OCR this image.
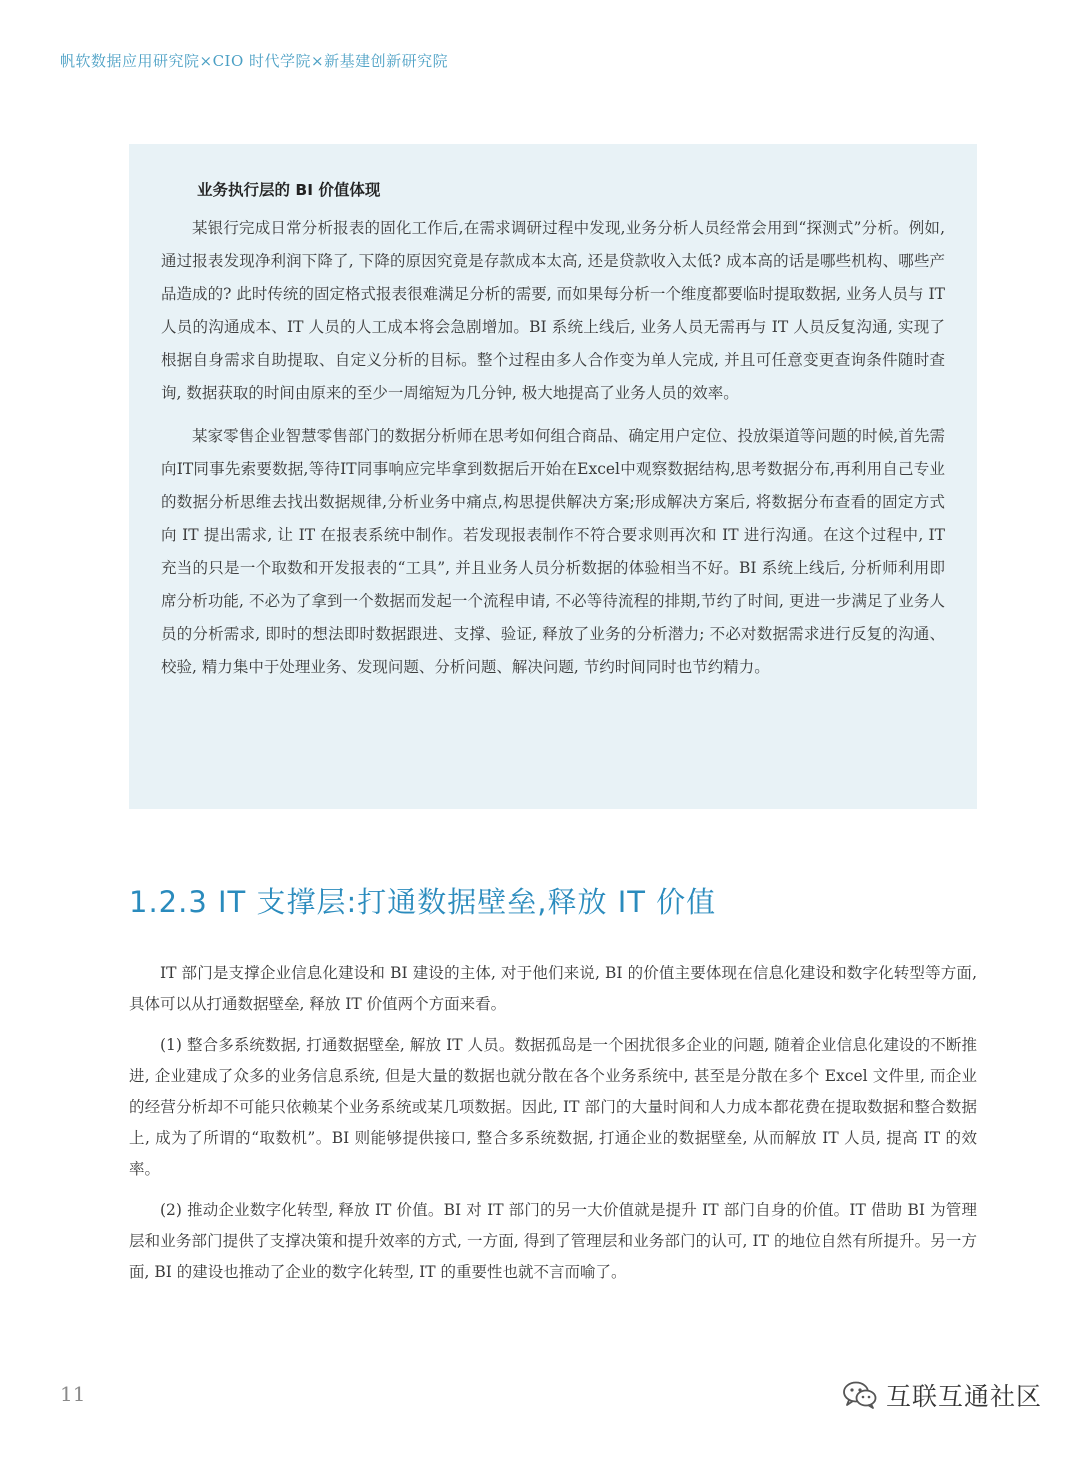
帆软数据应用研究院×CIO 时代学院×新基建创新研究院
业务执行层的 BI 价值体现

某银行完成日常分析报表的固化工作后,在需求调研过程中发现,业务分析人员经常会用到“探测式”分析。例如, 通过报表发现净利润下降了, 下降的原因究竟是存款成本太高, 还是贷款收入太低? 成本高的话是哪些机构、哪些产品造成的? 此时传统的固定格式报表很难满足分析的需要, 而如果每分析一个维度都要临时提取数据, 业务人员与 IT 人员的沟通成本、IT 人员的人工成本将会急剧增加。BI 系统上线后, 业务人员无需再与 IT 人员反复沟通, 实现了根据自身需求自助提取、自定义分析的目标。整个过程由多人合作变为单人完成, 并且可任意变更查询条件随时查询, 数据获取的时间由原来的至少一周缩短为几分钟, 极大地提高了业务人员的效率。

某家零售企业智慧零售部门的数据分析师在思考如何组合商品、确定用户定位、投放渠道等问题的时候,首先需向IT同事先索要数据,等待IT同事响应完毕拿到数据后开始在Excel中观察数据结构,思考数据分布,再利用自己专业的数据分析思维去找出数据规律,分析业务中痛点,构思提供解决方案;形成解决方案后, 将数据分布查看的固定方式向 IT 提出需求, 让 IT 在报表系统中制作。若发现报表制作不符合要求则再次和 IT 进行沟通。在这个过程中, IT 充当的只是一个取数和开发报表的“工具”, 并且业务人员分析数据的体验相当不好。BI 系统上线后, 分析师利用即席分析功能, 不必为了拿到一个数据而发起一个流程申请, 不必等待流程的排期,节约了时间, 更进一步满足了业务人员的分析需求, 即时的想法即时数据跟进、支撑、验证, 释放了业务的分析潜力; 不必对数据需求进行反复的沟通、校验, 精力集中于处理业务、发现问题、分析问题、解决问题, 节约时间同时也节约精力。

1.2.3 IT 支撑层:打通数据壁垒,释放 IT 价值

IT 部门是支撑企业信息化建设和 BI 建设的主体, 对于他们来说, BI 的价值主要体现在信息化建设和数字化转型等方面, 具体可以从打通数据壁垒, 释放 IT 价值两个方面来看。

(1) 整合多系统数据, 打通数据壁垒, 解放 IT 人员。数据孤岛是一个困扰很多企业的问题, 随着企业信息化建设的不断推进, 企业建成了众多的业务信息系统, 但是大量的数据也就分散在各个业务系统中, 甚至是分散在多个 Excel 文件里, 而企业的经营分析却不可能只依赖某个业务系统或某几项数据。因此, IT 部门的大量时间和人力成本都花费在提取数据和整合数据上, 成为了所谓的“取数机”。BI 则能够提供接口, 整合多系统数据, 打通企业的数据壁垒, 从而解放 IT 人员, 提高 IT 的效率。

(2) 推动企业数字化转型, 释放 IT 价值。BI 对 IT 部门的另一大价值就是提升 IT 部门自身的价值。IT 借助 BI 为管理层和业务部门提供了支撑决策和提升效率的方式, 一方面, 得到了管理层和业务部门的认可, IT 的地位自然有所提升。另一方面, BI 的建设也推动了企业的数字化转型, IT 的重要性也就不言而喻了。

11	互联互通社区
